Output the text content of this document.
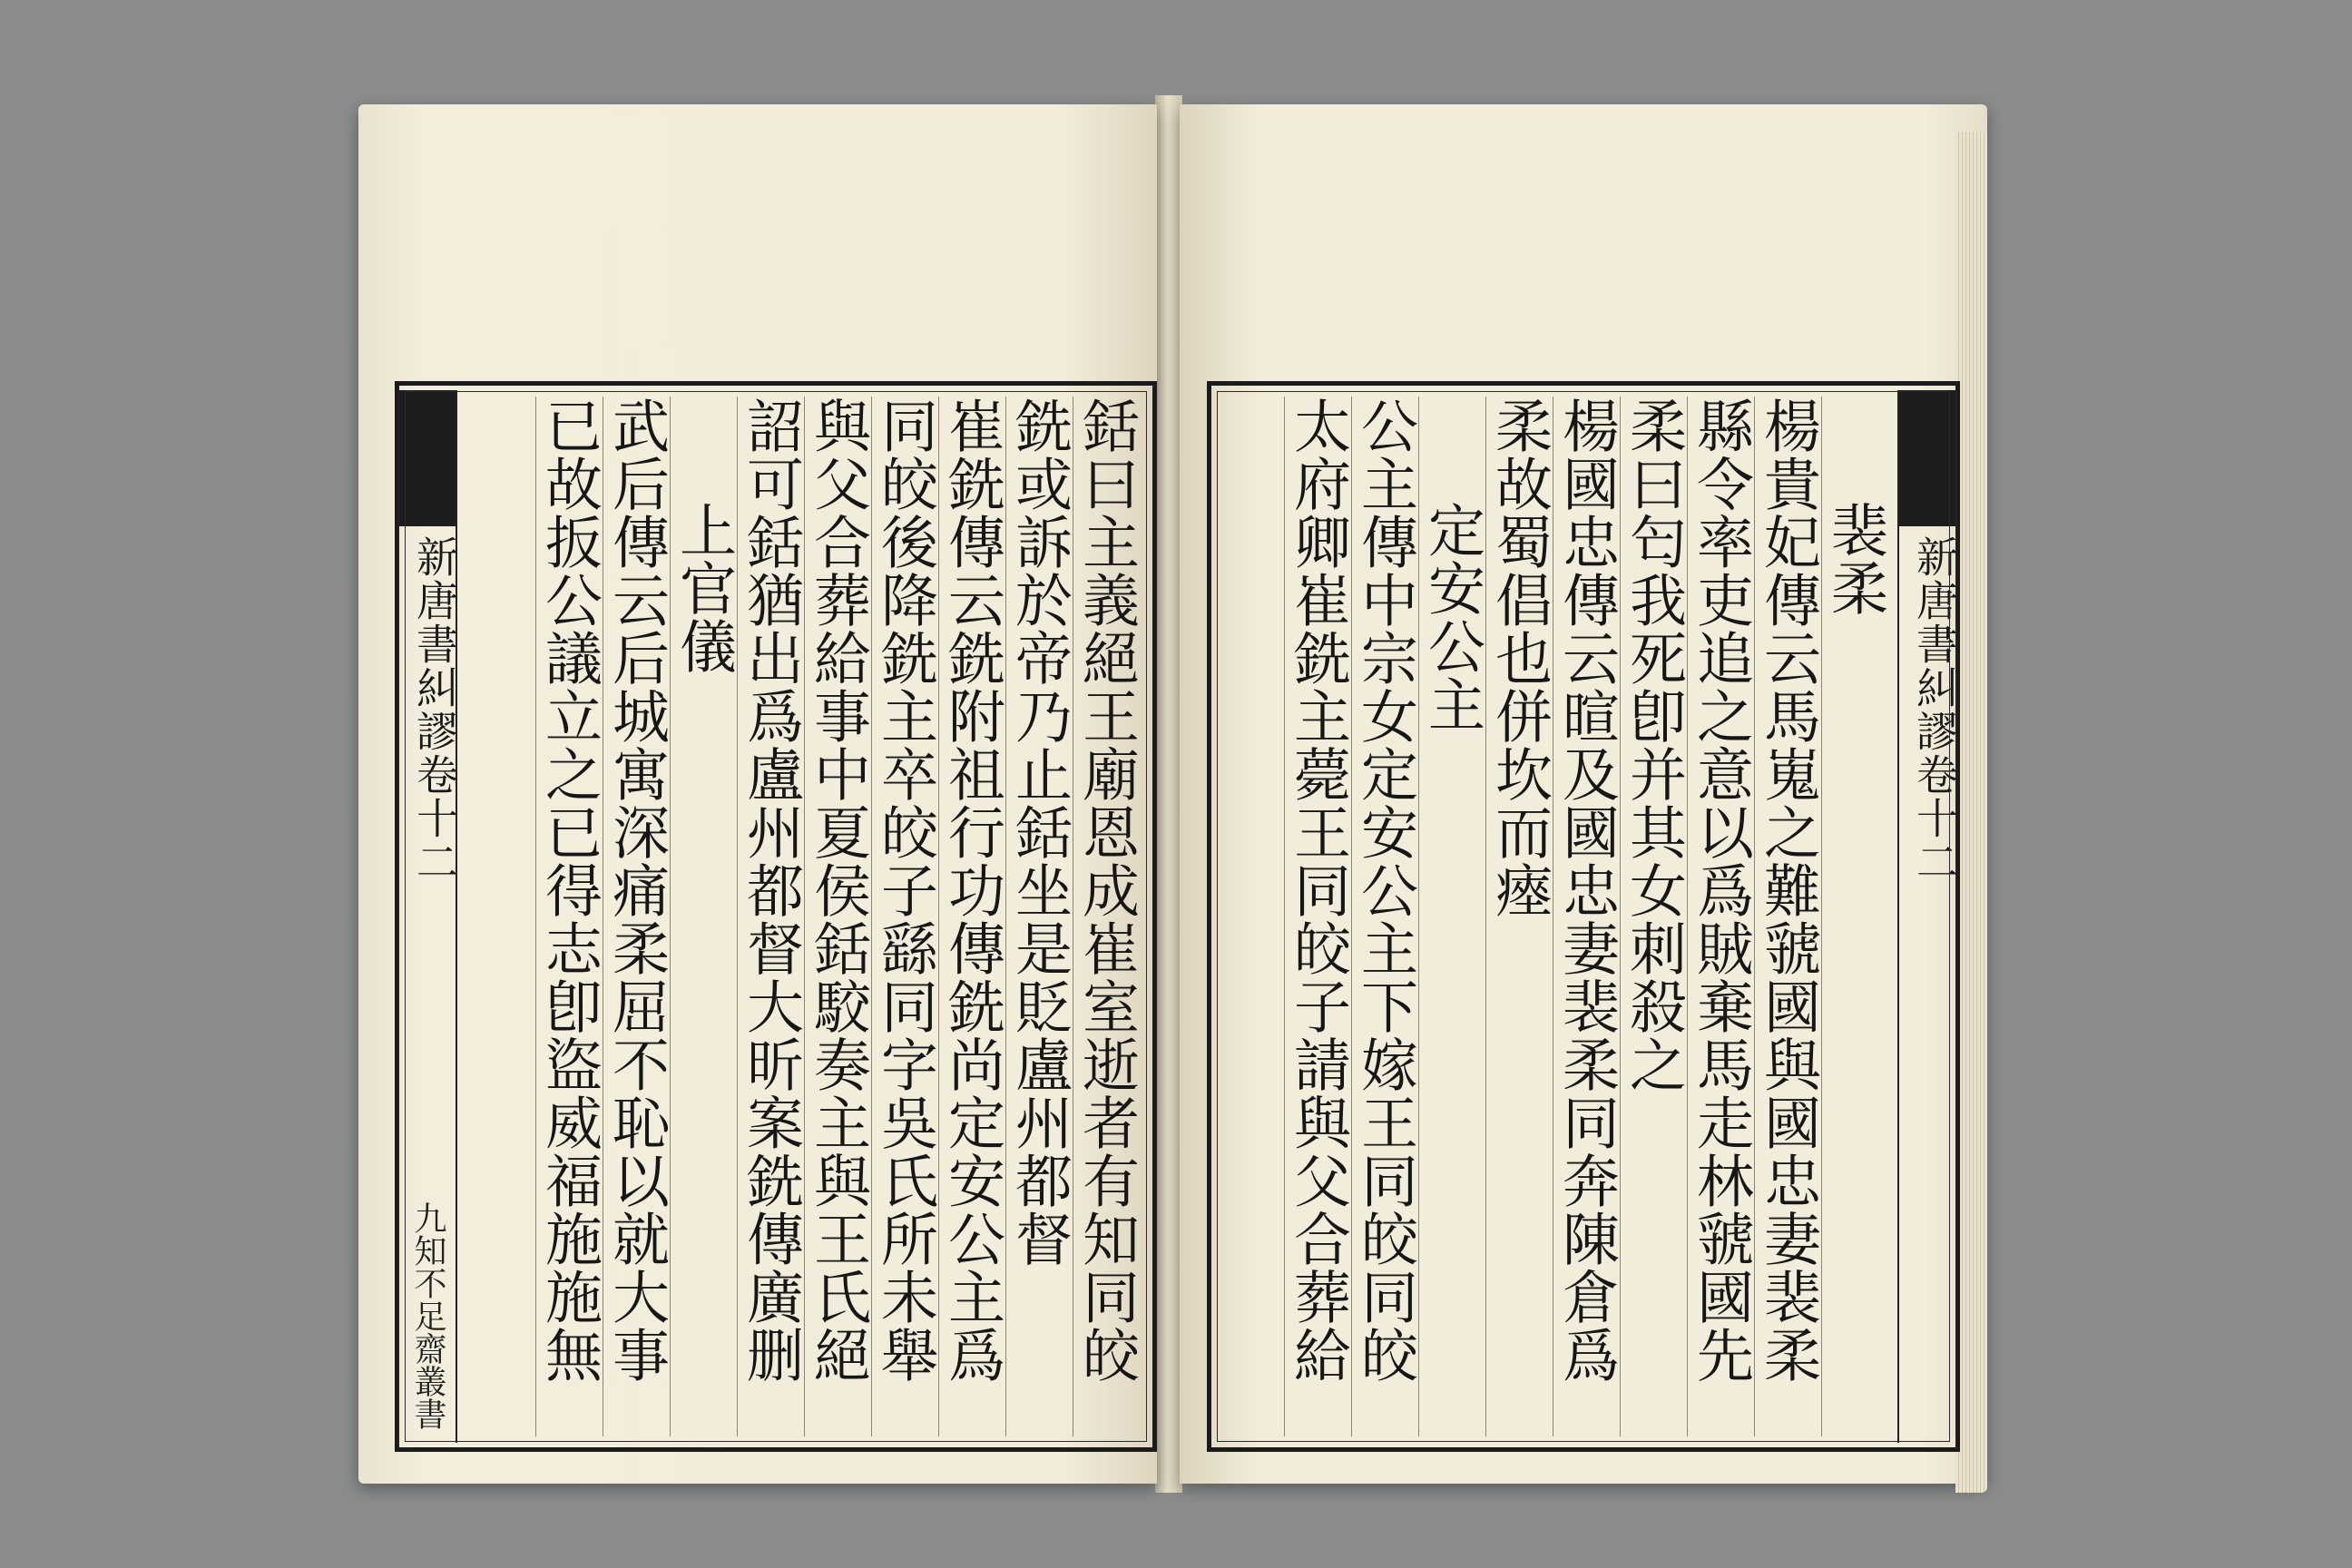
新唐書糾謬卷十二
九知不足齋叢書
銛曰主義絕王廟恩成崔室逝者有知同皎
銑或訴於帝乃止銛坐是貶盧州都督
崔銑傳云銑附祖行功傳銑尚定安公主爲
同皎後降銑主卒皎子繇同字吳氏所未舉
與父合葬給事中夏侯銛駮奏主與王氏絕
詔可銛猶出爲盧州都督大昕案銑傳廣删
上官儀
武后傳云后城寓深痛柔屈不恥以就大事
已故扳公議立之已得志卽盜威福施施無
新唐書糾謬卷十二
裴柔
楊貴妃傳云馬嵬之難虢國與國忠妻裴柔
縣令率吏追之意以爲賊棄馬走林虢國先
柔曰匄我死卽并其女刺殺之
楊國忠傳云暄及國忠妻裴柔同奔陳倉爲
柔故蜀倡也併坎而瘞
定安公主
公主傳中宗女定安公主下嫁王同皎同皎
太府卿崔銑主薨王同皎子請與父合葬給
